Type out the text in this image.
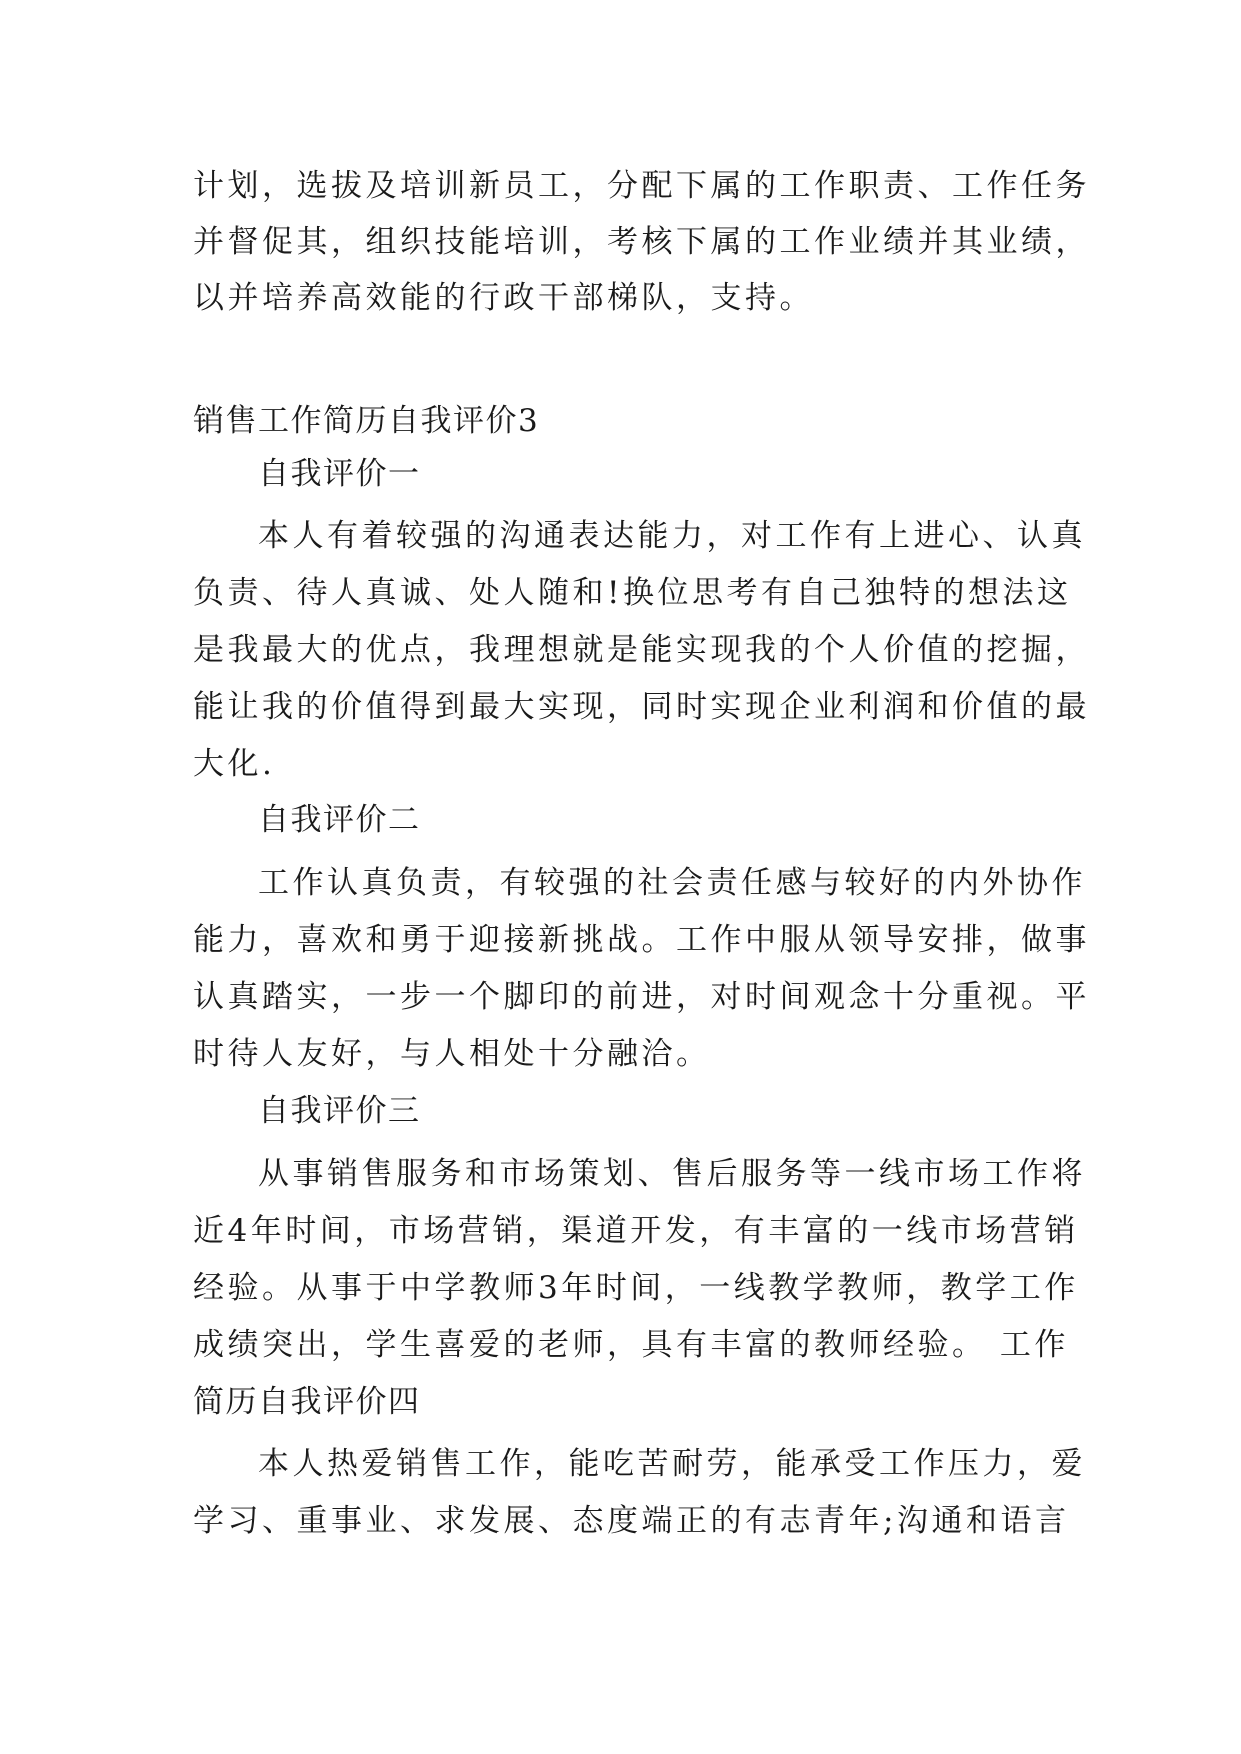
计划，选拔及培训新员工，分配下属的工作职责、工作任务
并督促其，组织技能培训，考核下属的工作业绩并其业绩，
以并培养高效能的行政干部梯队，支持。
销售工作简历自我评价3
自我评价一
本人有着较强的沟通表达能力，对工作有上进心、认真
负责、待人真诚、处人随和!换位思考有自己独特的想法这
是我最大的优点，我理想就是能实现我的个人价值的挖掘，
能让我的价值得到最大实现，同时实现企业利润和价值的最
大化.
自我评价二
工作认真负责，有较强的社会责任感与较好的内外协作
能力，喜欢和勇于迎接新挑战。工作中服从领导安排，做事
认真踏实，一步一个脚印的前进，对时间观念十分重视。平
时待人友好，与人相处十分融洽。
自我评价三
从事销售服务和市场策划、售后服务等一线市场工作将
近4年时间，市场营销，渠道开发，有丰富的一线市场营销
经验。从事于中学教师3年时间，一线教学教师，教学工作
成绩突出，学生喜爱的老师，具有丰富的教师经验。 工作
简历自我评价四
本人热爱销售工作，能吃苦耐劳，能承受工作压力，爱
学习、重事业、求发展、态度端正的有志青年;沟通和语言
